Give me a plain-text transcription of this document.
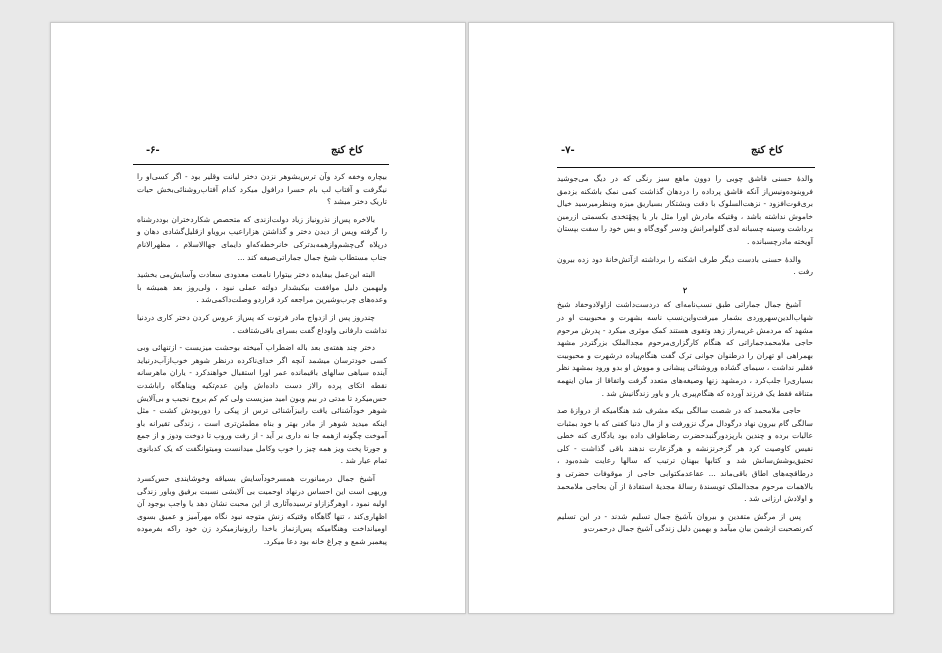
-۶-	کاخ کنج

بیچاره وخفه کرد وآن ترس‌بشوهر نزدن دختر لبانت وقلیر بود - اگر کسی‌او را نیگرفت و آفتاب لب بام حسرا درافول میکرد کدام آفتاب‌روشنائی‌بخش حیات تاریک دختر میشد ؟

بالاخره پس‌از نذرونیاز زیاد دولت‌ازندی که متحصص شکاردختران بوددرشناه را گرفته وپس از دیدن دختر و گذاشتن هزاراعیب برویاو ازقلیل‌گشادی دهان و درپلاه گی‌چشم‌و‌ازهمه‌بدترکی خانرخطه‌که‌او دایمای جهاالاسلام ، مظهرالانام جناب مستطاب شیخ جمال جماراتی‌صیغه کند ...

البته این‌عمل بیفایده دختر بیتوارا نامعت معدودی سعادت وآسایش‌می بخشید ولیهمین دلیل موافقت بیکبشدار دولته عملی نبود ، ولی‌روز بعد همیشه با وعده‌های چرب‌وشیرین مراجعه کرد قراردو وصلت‌داکمی‌شد .

چندروز پس از ازدواج مادر فرتوت که پس‌از عروس کردن دختر کاری دردنیا نداشت دارفانی واوداع گفت بسرای باقی‌شتافت .

دختر چند هفته‌ی بعد باله اضطراب آمیخته بوحشت میزیست - ازتنهائی وبی کسی خودترسان میشمد آنچه اگر خدای‌ناکرده درنظر شوهر خوب‌ازآب‌درنیاید آینده سیاهی سالهای باقیمانده عمر اورا استقبال خواهندکرد - یاران ماهرسانه نقطه اتکای پرده رالاز دست داده‌اش واین عدم‌تکیه وپناهگاه راباشدت حس‌میکرد تا مدتی در بیم وبون امید میزیست ولی کم کم بروح نجیب و بی‌آلایش شوهر خودآشنائی یافت رابیز‌آشنائی ترس از پیکی را دوربودش کشت - مثل اینکه میدید شوهر از مادر بهتر و بناه مطمئن‌تری است ، زندگی تقیرانه باو آموخت چگونه ازهمه جا نه داری بر آید - از رفت وروب تا دوخت ودوز و از جمع و جورتا پخت ویز همه چیز را خوب وکامل میدانست ومیتوانگفت که یک کدبانوی تمام عیار شد .

آشیخ جمال درمبانورت همسرخودآسایش بسیاقه وخوشایندی حس‌کسرد وریهی است این احساس درنهاد اوحمیت بی آلایشی نسبت برفیق وباور زندگی اولیه نمود ، اوهر‌گزازاو ترسیده‌آثاری از این محبت نشان دهد یا واجب بوجود آن اظهاری‌کند ، تنها گاهگاه وقتیکه زنش متوجه نبود نگاه مهرآمیز و عمیق بسوی اومیانداخت وهنگامیکه پس‌ازنماز باخدا رازونیازمیکرد زن خود راکه بفرموده پیغمبر شمع و چراغ خانه بود دعا میکرد.

-۷-	کاخ کنج

والدهٔ حسنی قاشق چوبی را دوون ماهع سبز رنگی که در دیگ می‌جوشید فروبنوده‌ونیس‌از آنکه قاشق پرداده را دردهان گذاشت کمی نمک باشکنه بزدمق بری‌قوت‌افزود - نزهت‌السلوک با دقت وبشتکار بسیاریق میزه وبنظرمیرسید خیال خاموش نداشته باشد ، وقتیکه مادرش اورا مثل بار یا پچهٔتخدی بکسمتی ازرمین برداشت وسینه چسبانه لدی گلوامرانش ودسر گوی‌گاه و بس خود را سفت بپستان آویخته مادرچسبانده .

والدهٔ حسنی بادست دیگر طرف اشکنه را برداشته ازآتش‌خانهٔ دود زده بیرون رفت .

۲

آشیخ جمال جماراتی طبق نسب‌نامه‌ای که دردست‌داشت ازاولادوحفاد شیخ شهاب‌الدین‌سهروردی بشمار میرفت‌واین‌نسب ناسه بشهرت و محبوبیت او در مشهد که مردمش غریبه‌راز زهد وتقوی هستند کمک موثری میکرد - پدرش مرحوم حاجی ملامحمدجماراتی که هنگام کارگزاری‌مرحوم مجدالملک بزرگتردر مشهد بهمراهی او تهران را درطنوان جوانی ترک گفت هنگام‌پیاده درشهرت و محبوبیت فقلیر نداشت ، سیمای گشاده وروشنائی پیشانی و مووش او بدو ورود بمشهد نظر بسیاری‌را جلب‌کرد ، درمشهد زنها وصیغه‌های متعدد گرفت واتفاقا از میان اینهمه متناقه فقط یک فرزند آورده که هنگام‌پیری یار و یاور زندگانیش شد .

حاجی ملامحمد که در شصت سالگی بیکه مشرف شد هنگامیکه از دروازهٔ صد سالگی گام بیرون نهاد درگودال مرگ نزورفت و از مال دنیا کفنی که با خود بمثبات عالیات برده و چندین بارپزدورگنبدحضرت رضاطواف داده بود یادگاری کنه خطی نفیس کاوصیت کرد هر گزخرنزنشه و هرگزعارت ندهند باقی گذاشت - کلی تحتیق‌بوشش‌سانش شد و کتابها ببهنان ترتیب که سالها رعایت شده‌بود ، درطاقچه‌های اطاق باقی‌ماند ... عقاعدمکتوابی حاجی از موقوفات حضرتی و بالاهمات مرحوم مجدالملک تویسندهٔ رسالهٔ مجدیهٔ استفادهٔ از آن بحاجی ملامحمد و اولادش ارزانی شد .

پس از مرگش متقدین و بیروان بآشیخ جمال تسلیم شدند - در این تسلیم که‌رنصحبت ازشمن بیان میآمد و بهمین دلیل زندگی آشیخ جمال درحمرت‌و
